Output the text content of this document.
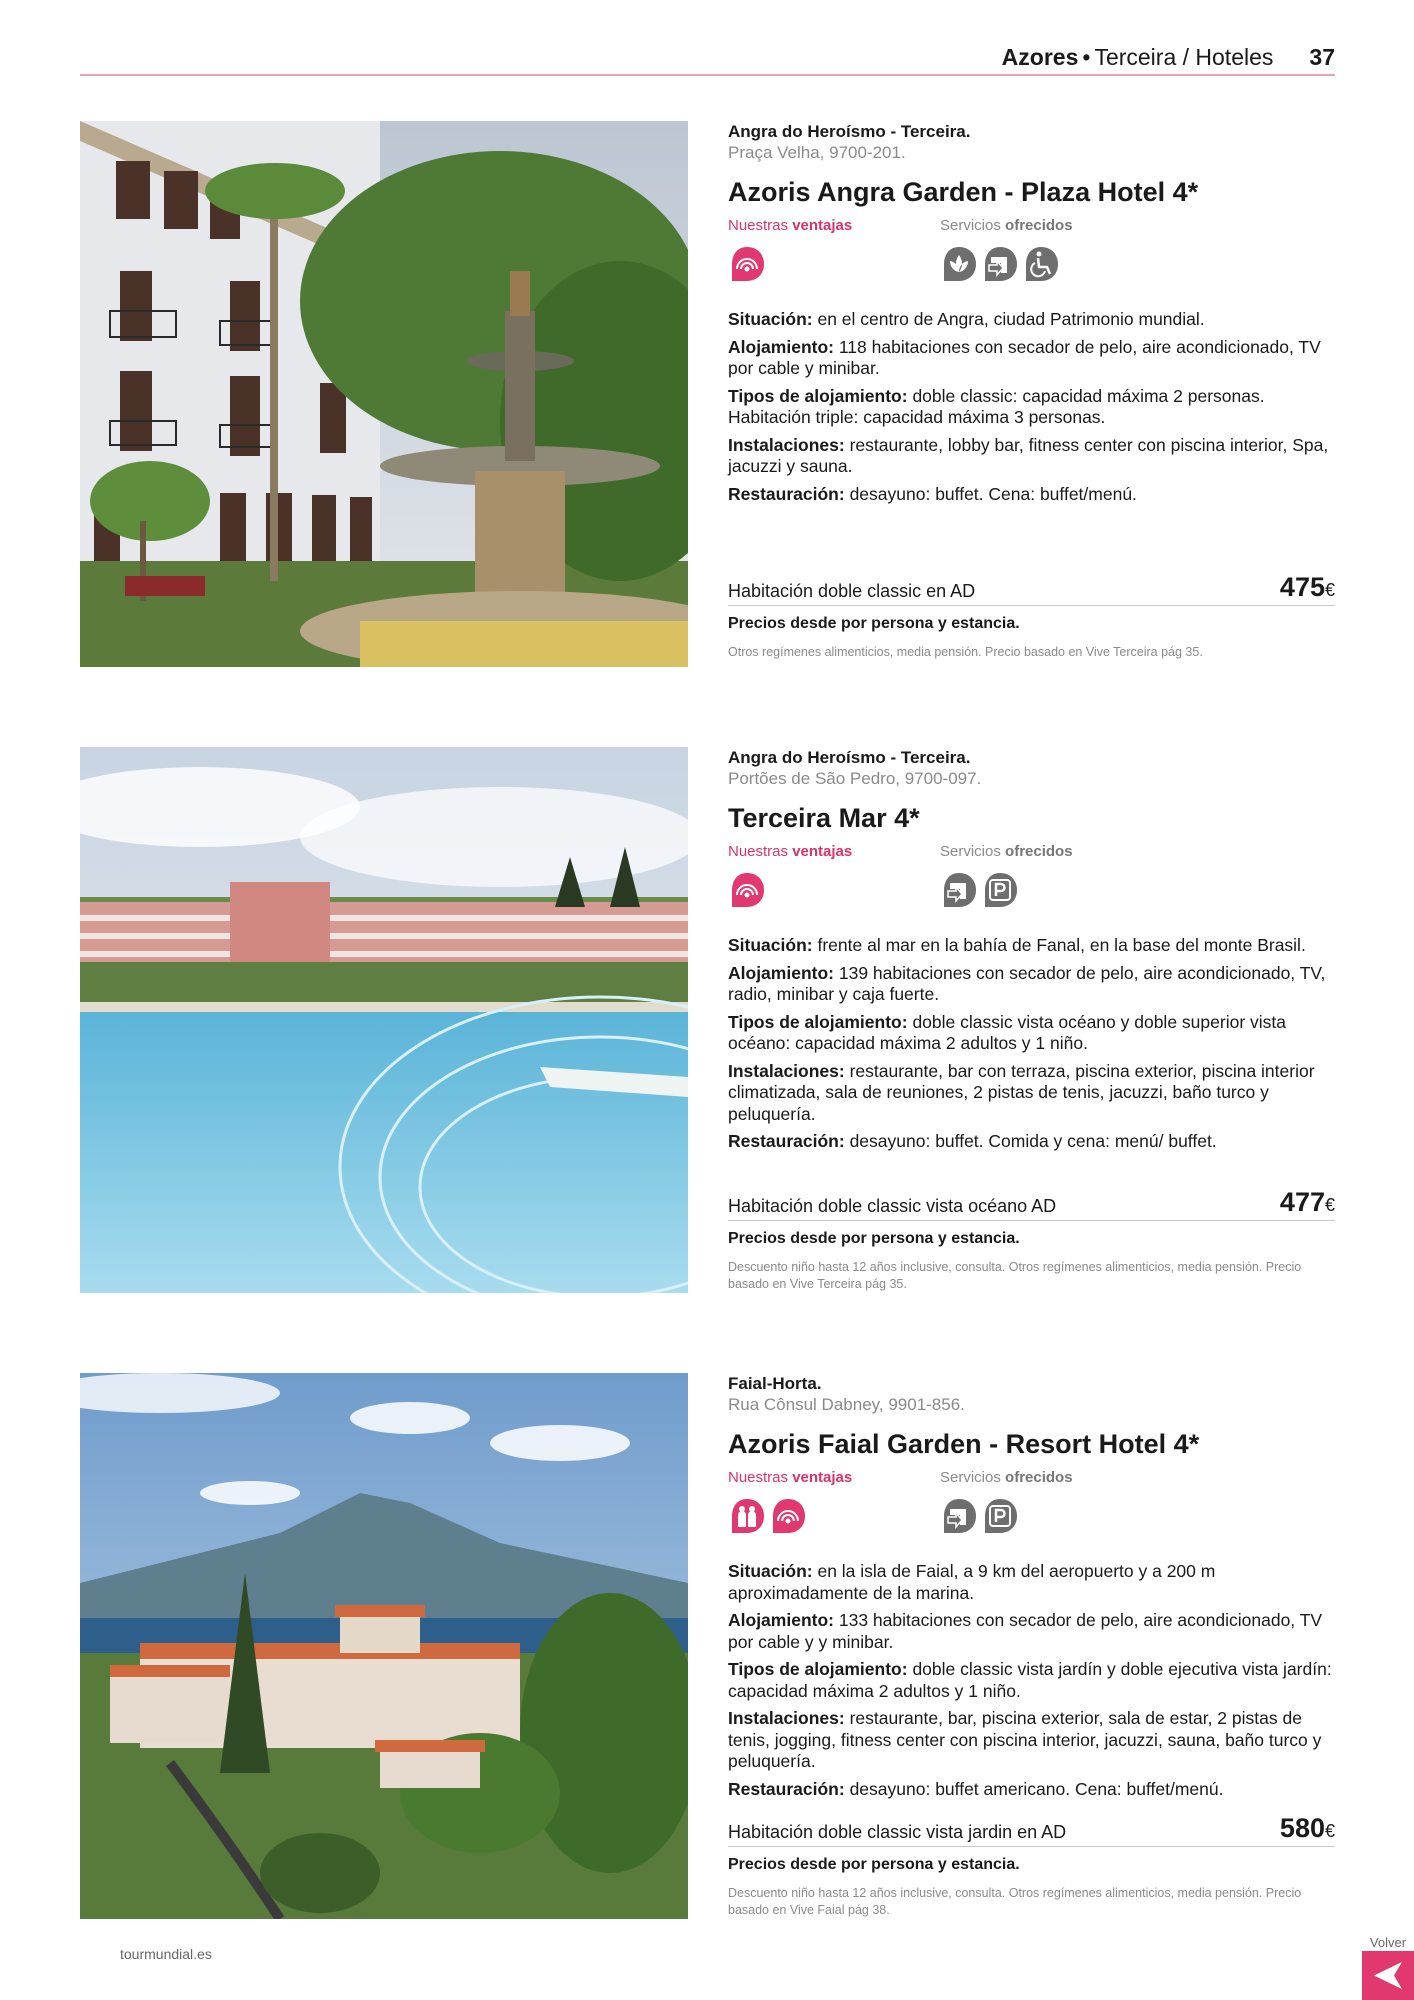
Azores • Terceira / Hoteles 37
Angra do Heroísmo - Terceira.
Praça Velha, 9700-201.
Azoris Angra Garden - Plaza Hotel 4*
Nuestras ventajas	Servicios ofrecidos

Situación: en el centro de Angra, ciudad Patrimonio mundial.

Alojamiento: 118 habitaciones con secador de pelo, aire acondicionado, TV por cable y minibar.

Tipos de alojamiento: doble classic: capacidad máxima 2 personas. Habitación triple: capacidad máxima 3 personas.

Instalaciones: restaurante, lobby bar, fitness center con piscina interior, Spa, jacuzzi y sauna.

Restauración: desayuno: buffet. Cena: buffet/menú.

Habitación doble classic en AD	475€
Precios desde por persona y estancia.
Otros regímenes alimenticios, media pensión. Precio basado en Vive Terceira pág 35.
Angra do Heroísmo - Terceira.
Portões de São Pedro, 9700-097.
Terceira Mar 4*
Nuestras ventajas	Servicios ofrecidos

Situación: frente al mar en la bahía de Fanal, en la base del monte Brasil.

Alojamiento: 139 habitaciones con secador de pelo, aire acondicionado, TV, radio, minibar y caja fuerte.

Tipos de alojamiento: doble classic vista océano y doble superior vista océano: capacidad máxima 2 adultos y 1 niño.

Instalaciones: restaurante, bar con terraza, piscina exterior, piscina interior climatizada, sala de reuniones, 2 pistas de tenis, jacuzzi, baño turco y peluquería.

Restauración: desayuno: buffet. Comida y cena: menú/ buffet.

Habitación doble classic vista océano AD	477€
Precios desde por persona y estancia.
Descuento niño hasta 12 años inclusive, consulta. Otros regímenes alimenticios, media pensión. Precio basado en Vive Terceira pág 35.
Faial-Horta.
Rua Cônsul Dabney, 9901-856.
Azoris Faial Garden - Resort Hotel 4*
Nuestras ventajas	Servicios ofrecidos

Situación: en la isla de Faial, a 9 km del aeropuerto y a 200 m aproximadamente de la marina.

Alojamiento: 133 habitaciones con secador de pelo, aire acondicionado, TV por cable y y minibar.

Tipos de alojamiento: doble classic vista jardín y doble ejecutiva vista jardín: capacidad máxima 2 adultos y 1 niño.

Instalaciones: restaurante, bar, piscina exterior, sala de estar, 2 pistas de tenis, jogging, fitness center con piscina interior, jacuzzi, sauna, baño turco y peluquería.

Restauración: desayuno: buffet americano. Cena: buffet/menú.

Habitación doble classic vista jardin en AD	580€
Precios desde por persona y estancia.
Descuento niño hasta 12 años inclusive, consulta. Otros regímenes alimenticios, media pensión. Precio basado en Vive Faial pág 38.
tourmundial.es
Volver
